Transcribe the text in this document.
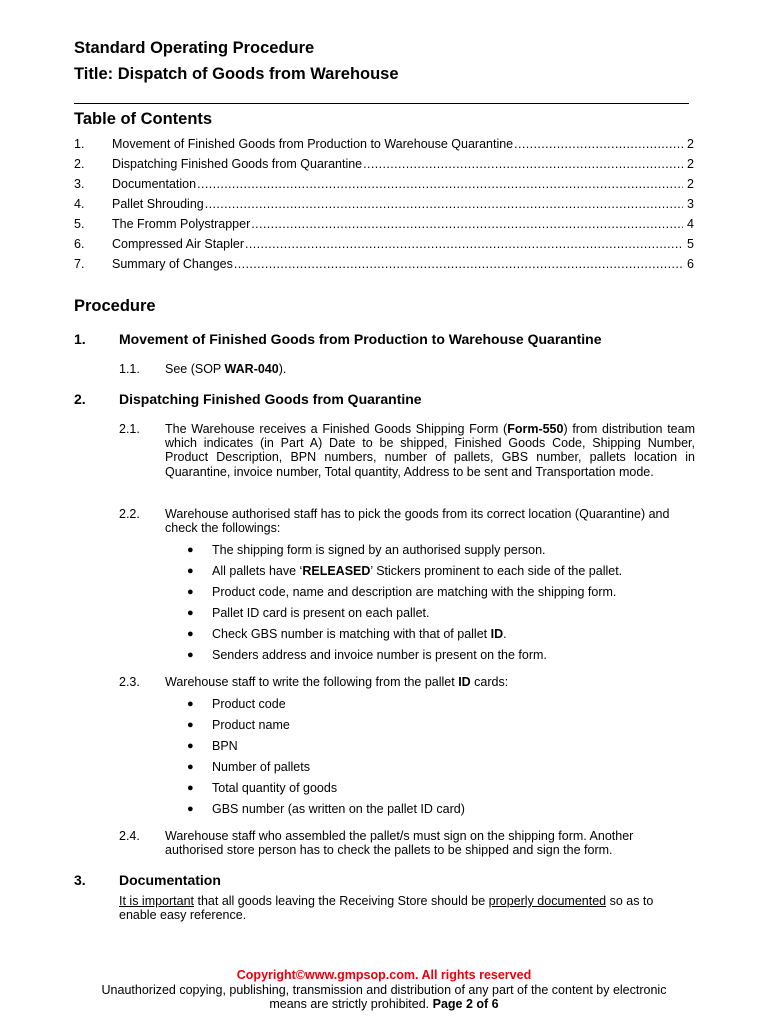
Standard Operating Procedure
Title: Dispatch of Goods from Warehouse
Table of Contents
1.	Movement of Finished Goods from Production to Warehouse Quarantine .....	2
2.	Dispatching Finished Goods from Quarantine .....	2
3.	Documentation .....	2
4.	Pallet Shrouding .....	3
5.	The Fromm Polystrapper .....	4
6.	Compressed Air Stapler .....	5
7.	Summary of Changes .....	6
Procedure
1.	Movement of Finished Goods from Production to Warehouse Quarantine
1.1.	See (SOP WAR-040).
2.	Dispatching Finished Goods from Quarantine
2.1.	The Warehouse receives a Finished Goods Shipping Form (Form-550) from distribution team which indicates (in Part A) Date to be shipped, Finished Goods Code, Shipping Number, Product Description, BPN numbers, number of pallets, GBS number, pallets location in Quarantine, invoice number, Total quantity, Address to be sent and Transportation mode.
2.2.	Warehouse authorised staff has to pick the goods from its correct location (Quarantine) and check the followings:
● The shipping form is signed by an authorised supply person.
● All pallets have ‘RELEASED’ Stickers prominent to each side of the pallet.
● Product code, name and description are matching with the shipping form.
● Pallet ID card is present on each pallet.
● Check GBS number is matching with that of pallet ID.
● Senders address and invoice number is present on the form.
2.3.	Warehouse staff to write the following from the pallet ID cards:
● Product code
● Product name
● BPN
● Number of pallets
● Total quantity of goods
● GBS number (as written on the pallet ID card)
2.4.	Warehouse staff who assembled the pallet/s must sign on the shipping form. Another authorised store person has to check the pallets to be shipped and sign the form.
3.	Documentation
It is important that all goods leaving the Receiving Store should be properly documented so as to enable easy reference.
Copyright©www.gmpsop.com. All rights reserved
Unauthorized copying, publishing, transmission and distribution of any part of the content by electronic
means are strictly prohibited. Page 2 of 6
